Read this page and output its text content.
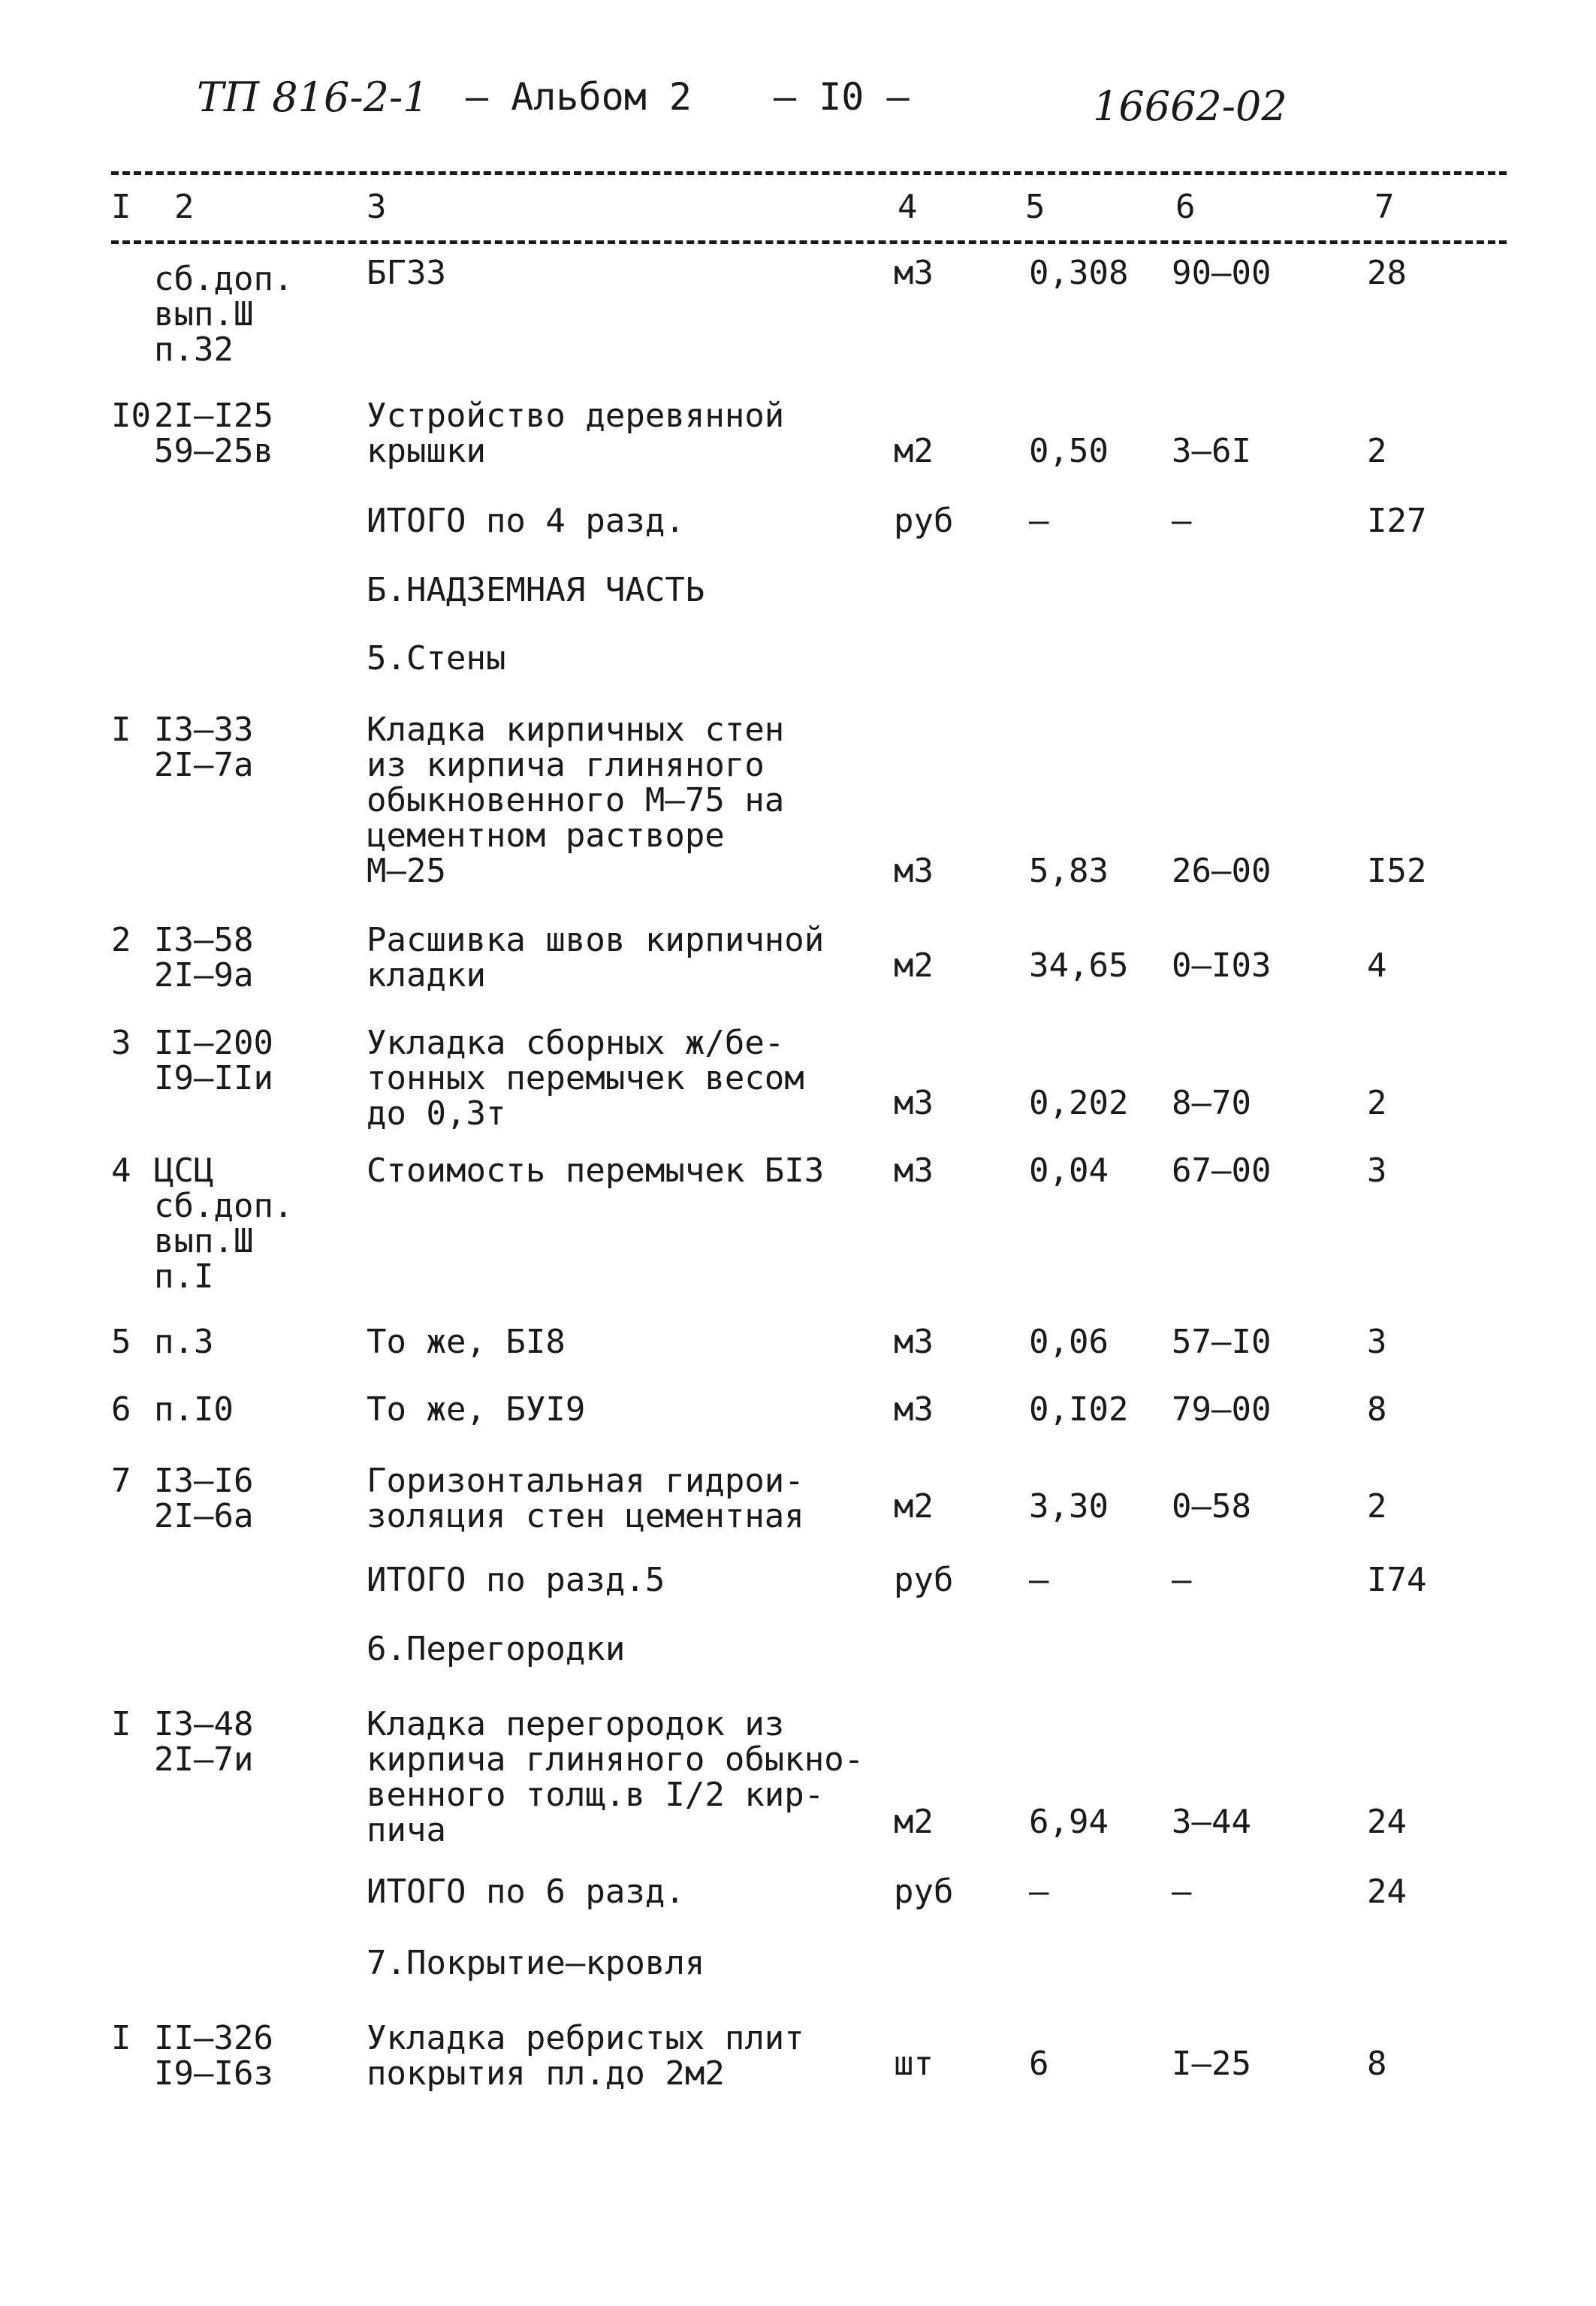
ТП 816-2-1 – Альбом 2 – I0 –	16662-02
I 2	3	4	5	6	7
сб.доп.
вып.Ш
п.32
БГ33	м3	0,308 90–00	28
I0 2I–I25
59–25в
Устройство деревянной
крышки	м2	0,50 3–6I	2
ИТОГО по 4 разд.	руб –	–	I27
Б.НАДЗЕМНАЯ ЧАСТЬ
5.Стены
I I3–33
2I–7а
Кладка кирпичных стен
из кирпича глиняного
обыкновенного М–75 на
цементном растворе
М–25	м3	5,83 26–00	I52
2 I3–58
2I–9а
Расшивка швов кирпичной
кладки	м2	34,65 0–I03	4
3 II–200
I9–IIи
Укладка сборных ж/бе-
тонных перемычек весом
до 0,3т	м3	0,202 8–70	2
4 ЦСЦ
сб.доп.
вып.Ш
п.I
Стоимость перемычек БI3 м3	0,04 67–00	3
5 п.3	То же, БI8	м3	0,06 57–I0	3
6 п.I0	То же, БУI9	м3	0,I02 79–00	8
7 I3–I6
2I–6а
Горизонтальная гидрои-
золяция стен цементная	м2	3,30 0–58	2
ИТОГО по разд.5	руб –	–	I74
6.Перегородки
I I3–48
2I–7и
Кладка перегородок из
кирпича глиняного обыкно-
венного толщ.в I/2 кир-
пича	м2	6,94 3–44	24
ИТОГО по 6 разд.	руб –	–	24
7.Покрытие–кровля
I II–326
I9–I6з
Укладка ребристых плит
покрытия пл.до 2м2	шт	6	I–25	8
